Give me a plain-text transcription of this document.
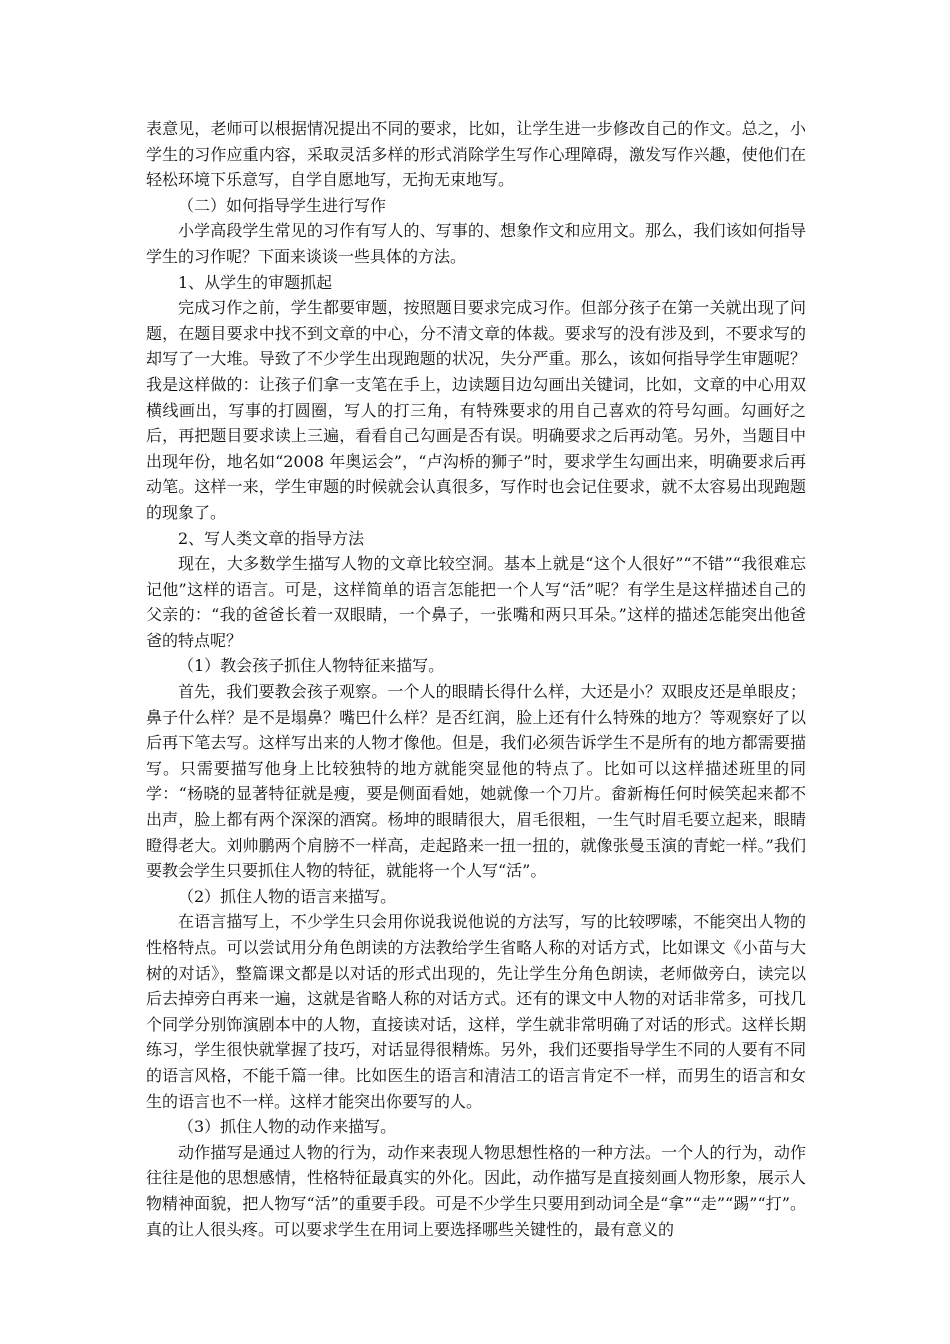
表意见，老师可以根据情况提出不同的要求，比如，让学生进一步修改自己的作文。总之，小学生的习作应重内容，采取灵活多样的形式消除学生写作心理障碍，激发写作兴趣，使他们在轻松环境下乐意写，自学自愿地写，无拘无束地写。

（二）如何指导学生进行写作

小学高段学生常见的习作有写人的、写事的、想象作文和应用文。那么，我们该如何指导学生的习作呢？下面来谈谈一些具体的方法。

1、从学生的审题抓起

完成习作之前，学生都要审题，按照题目要求完成习作。但部分孩子在第一关就出现了问题，在题目要求中找不到文章的中心，分不清文章的体裁。要求写的没有涉及到，不要求写的却写了一大堆。导致了不少学生出现跑题的状况，失分严重。那么，该如何指导学生审题呢？我是这样做的：让孩子们拿一支笔在手上，边读题目边勾画出关键词，比如，文章的中心用双横线画出，写事的打圆圈，写人的打三角，有特殊要求的用自己喜欢的符号勾画。勾画好之后，再把题目要求读上三遍，看看自己勾画是否有误。明确要求之后再动笔。另外，当题目中出现年份，地名如“2008 年奥运会”，“卢沟桥的狮子”时，要求学生勾画出来，明确要求后再动笔。这样一来，学生审题的时候就会认真很多，写作时也会记住要求，就不太容易出现跑题的现象了。

2、写人类文章的指导方法

现在，大多数学生描写人物的文章比较空洞。基本上就是“这个人很好”“不错”“我很难忘记他”这样的语言。可是，这样简单的语言怎能把一个人写“活”呢？有学生是这样描述自己的父亲的：“我的爸爸长着一双眼睛，一个鼻子，一张嘴和两只耳朵。”这样的描述怎能突出他爸爸的特点呢？

（1）教会孩子抓住人物特征来描写。

首先，我们要教会孩子观察。一个人的眼睛长得什么样，大还是小？双眼皮还是单眼皮；鼻子什么样？是不是塌鼻？嘴巴什么样？是否红润，脸上还有什么特殊的地方？等观察好了以后再下笔去写。这样写出来的人物才像他。但是，我们必须告诉学生不是所有的地方都需要描写。只需要描写他身上比较独特的地方就能突显他的特点了。比如可以这样描述班里的同学：“杨晓的显著特征就是瘦，要是侧面看她，她就像一个刀片。畲新梅任何时候笑起来都不出声，脸上都有两个深深的酒窝。杨坤的眼睛很大，眉毛很粗，一生气时眉毛要立起来，眼睛瞪得老大。刘帅鹏两个肩膀不一样高，走起路来一扭一扭的，就像张曼玉演的青蛇一样。”我们要教会学生只要抓住人物的特征，就能将一个人写“活”。

（2）抓住人物的语言来描写。

在语言描写上，不少学生只会用你说我说他说的方法写，写的比较啰嗦，不能突出人物的性格特点。可以尝试用分角色朗读的方法教给学生省略人称的对话方式，比如课文《小苗与大树的对话》，整篇课文都是以对话的形式出现的，先让学生分角色朗读，老师做旁白，读完以后去掉旁白再来一遍，这就是省略人称的对话方式。还有的课文中人物的对话非常多，可找几个同学分别饰演剧本中的人物，直接读对话，这样，学生就非常明确了对话的形式。这样长期练习，学生很快就掌握了技巧，对话显得很精炼。另外，我们还要指导学生不同的人要有不同的语言风格，不能千篇一律。比如医生的语言和清洁工的语言肯定不一样，而男生的语言和女生的语言也不一样。这样才能突出你要写的人。

（3）抓住人物的动作来描写。

动作描写是通过人物的行为，动作来表现人物思想性格的一种方法。一个人的行为，动作往往是他的思想感情，性格特征最真实的外化。因此，动作描写是直接刻画人物形象，展示人物精神面貌，把人物写“活”的重要手段。可是不少学生只要用到动词全是“拿”“走”“踢”“打”。真的让人很头疼。可以要求学生在用词上要选择哪些关键性的，最有意义的
